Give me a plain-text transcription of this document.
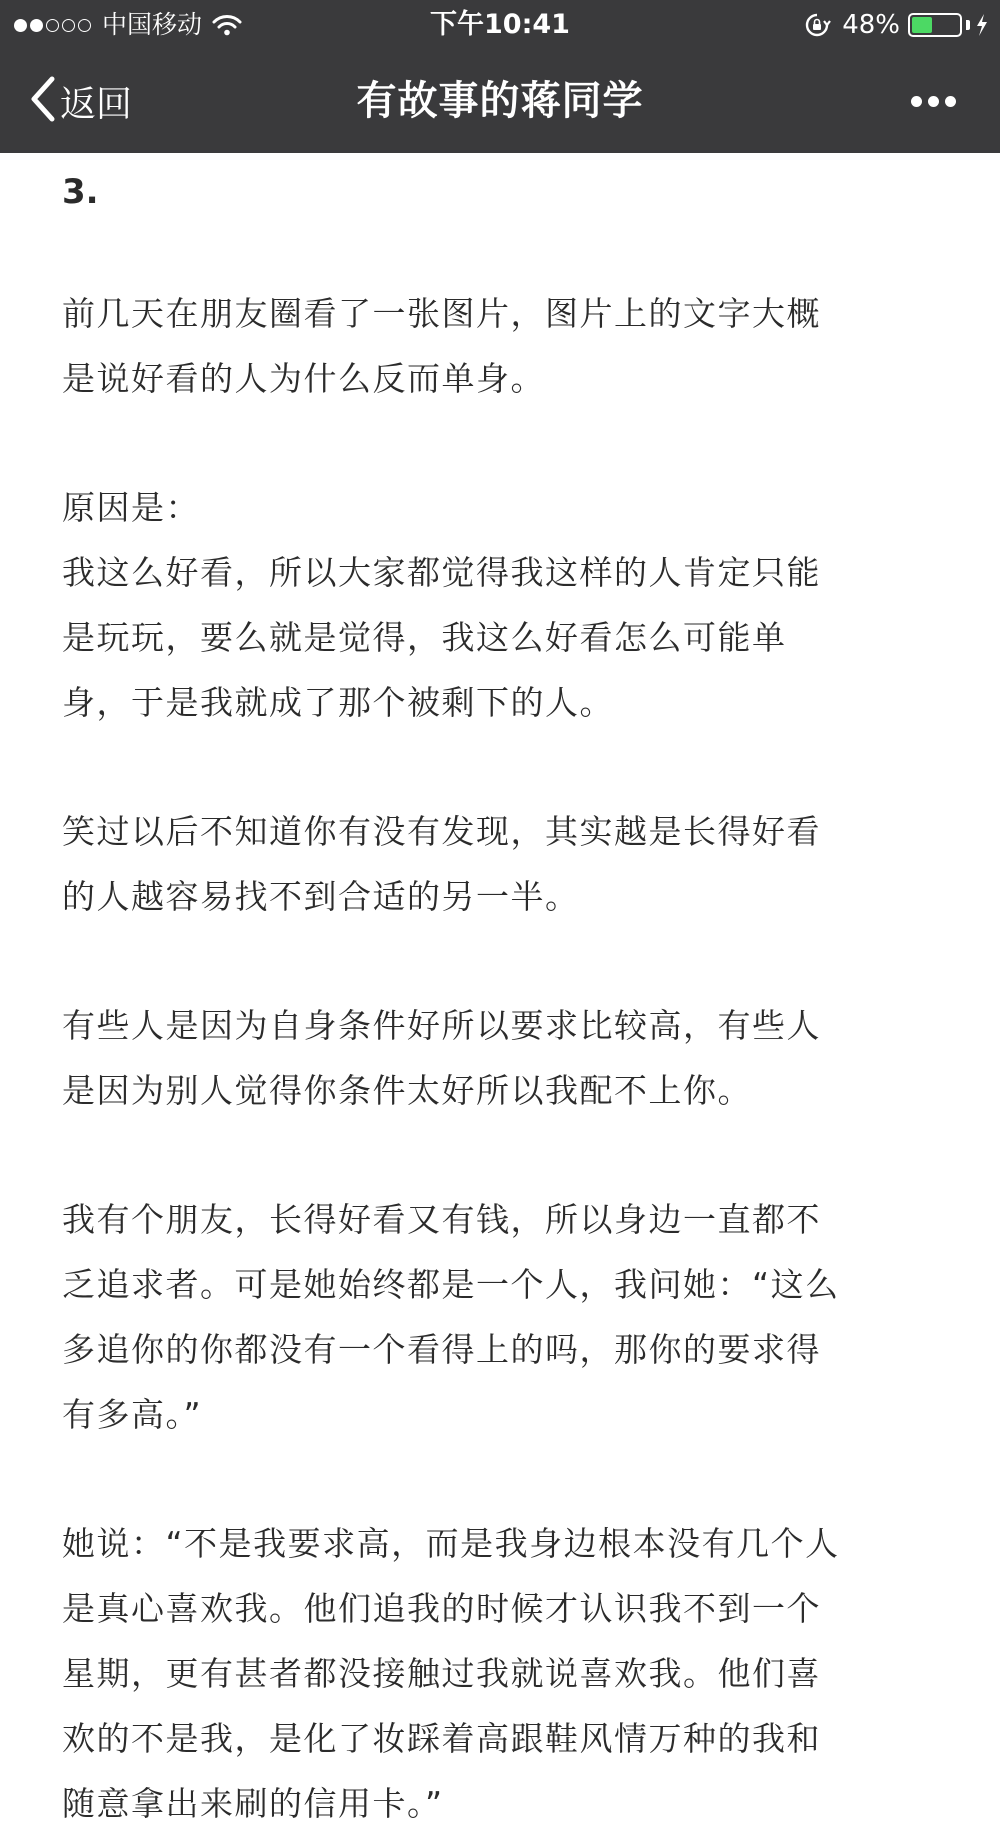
中国移动	下午10:41	48%
返回	有故事的蒋同学
3.

前几天在朋友圈看了一张图片，图片上的文字大概

是说好看的人为什么反而单身。

原因是：

我这么好看，所以大家都觉得我这样的人肯定只能

是玩玩，要么就是觉得，我这么好看怎么可能单

身，于是我就成了那个被剩下的人。

笑过以后不知道你有没有发现，其实越是长得好看

的人越容易找不到合适的另一半。

有些人是因为自身条件好所以要求比较高，有些人

是因为别人觉得你条件太好所以我配不上你。

我有个朋友，长得好看又有钱，所以身边一直都不

乏追求者。可是她始终都是一个人，我问她：“这么

多追你的你都没有一个看得上的吗，那你的要求得

有多高。”

她说：“不是我要求高，而是我身边根本没有几个人

是真心喜欢我。他们追我的时候才认识我不到一个

星期，更有甚者都没接触过我就说喜欢我。他们喜

欢的不是我，是化了妆踩着高跟鞋风情万种的我和

随意拿出来刷的信用卡。”
